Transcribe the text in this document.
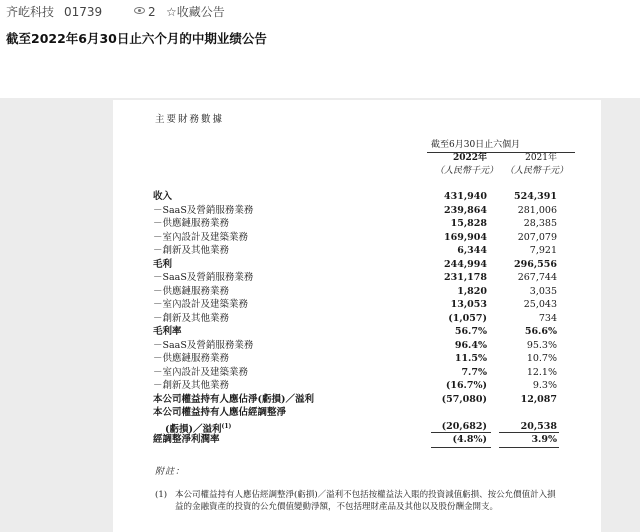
齐屹科技 01739	2 ☆收藏公告
截至2022年6月30日止六个月的中期业绩公告
主要財務數據
截至6月30日止六個月
2022年	2021年
（人民幣千元） （人民幣千元）
收入	431,940	524,391
－SaaS及營銷服務業務	239,864	281,006
－供應鏈服務業務	15,828	28,385
－室內設計及建築業務	169,904	207,079
－創新及其他業務	6,344	7,921
毛利	244,994	296,556
－SaaS及營銷服務業務	231,178	267,744
－供應鏈服務業務	1,820	3,035
－室內設計及建築業務	13,053	25,043
－創新及其他業務	(1,057)	734
毛利率	56.7%	56.6%
－SaaS及營銷服務業務	96.4%	95.3%
－供應鏈服務業務	11.5%	10.7%
－室內設計及建築業務	7.7%	12.1%
－創新及其他業務	(16.7%)	9.3%
本公司權益持有人應佔淨(虧損)／溢利	(57,080)	12,087
本公司權益持有人應佔經調整淨
(虧損)／溢利$^{(1)}$	(20,682)	20,538
經調整淨利潤率	(4.8%)	3.9%
附註：
(1) 本公司權益持有人應佔經調整淨(虧損)／溢利不包括按權益法入賬的投資減值虧損、按公允價值計入損益的金融資產的投資的公允價值變動淨額，不包括理財產品及其他以及股份酬金開支。
